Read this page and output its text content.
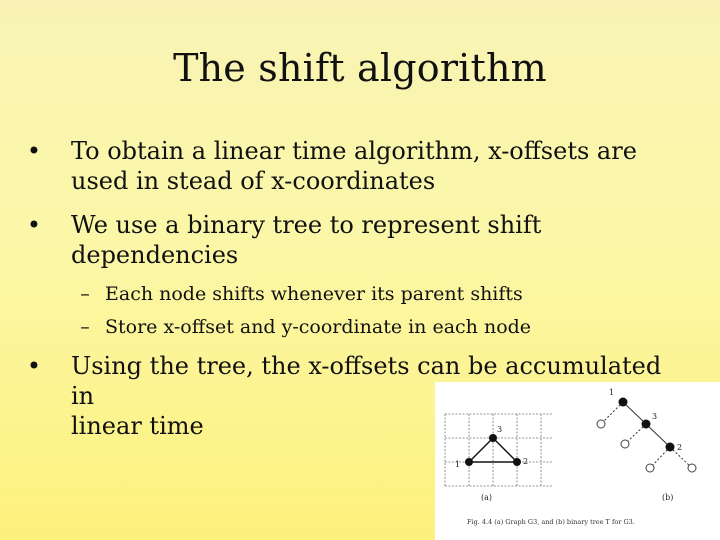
The shift algorithm
• To obtain a linear time algorithm, x-offsets are
used in stead of x-coordinates
• We use a binary tree to represent shift
dependencies
– Each node shifts whenever its parent shifts
– Store x-offset and y-coordinate in each node
• Using the tree, the x-offsets can be accumulated in
linear time
1	2
3
(a)
1
3
2
(b)
Fig. 4.4 (a) Graph G3, and (b) binary tree T for G3.
